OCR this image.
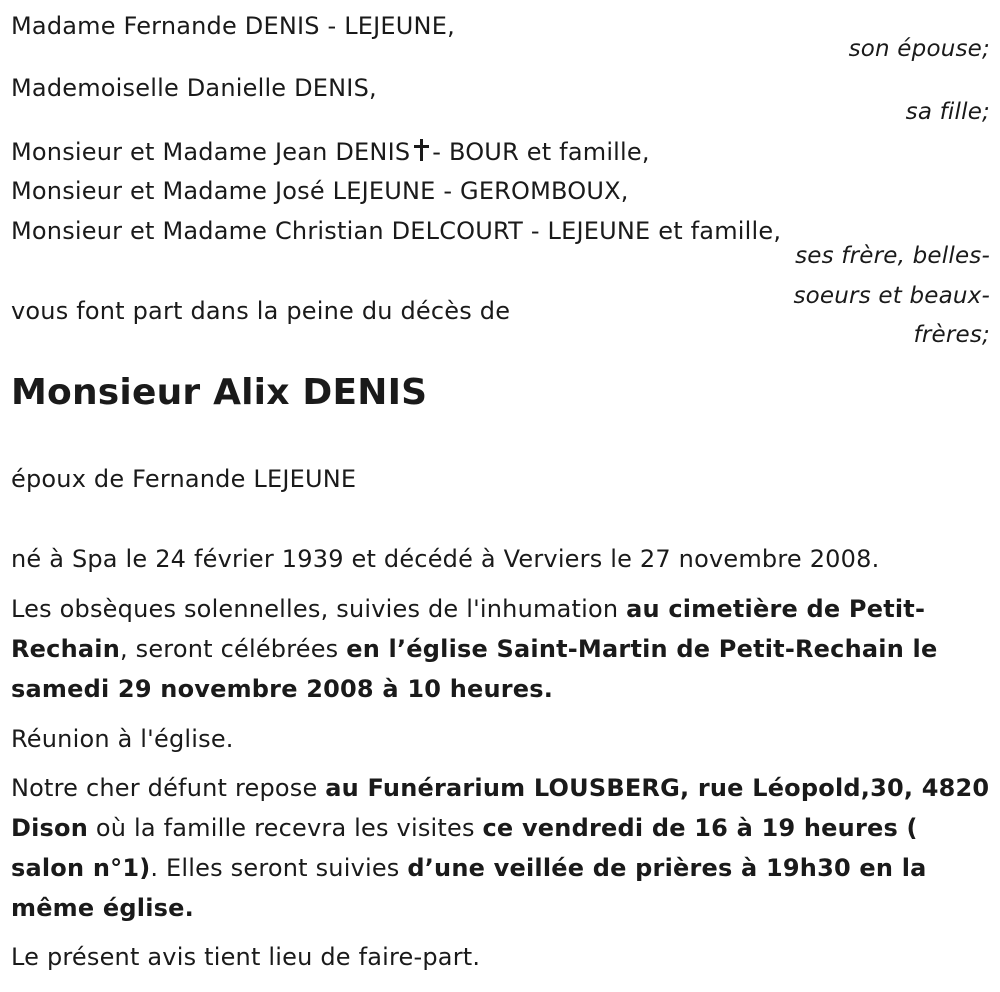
Madame Fernande DENIS - LEJEUNE,
son épouse;
Mademoiselle Danielle DENIS,
sa fille;
Monsieur et Madame Jean DENIS - BOUR et famille,
Monsieur et Madame José LEJEUNE - GEROMBOUX,
Monsieur et Madame Christian DELCOURT - LEJEUNE et famille,
ses frère, belles-
soeurs et beaux-
frères;
vous font part dans la peine du décès de
Monsieur Alix DENIS
époux de Fernande LEJEUNE
né à Spa le 24 février 1939 et décédé à Verviers le 27 novembre 2008.
Les obsèques solennelles, suivies de l'inhumation au cimetière de Petit-Rechain, seront célébrées en l’église Saint-Martin de Petit-Rechain le samedi 29 novembre 2008 à 10 heures.
Réunion à l'église.
Notre cher défunt repose au Funérarium LOUSBERG, rue Léopold,30, 4820 Dison où la famille recevra les visites ce vendredi de 16 à 19 heures ( salon n°1). Elles seront suivies d’une veillée de prières à 19h30 en la même église.
Le présent avis tient lieu de faire-part.
